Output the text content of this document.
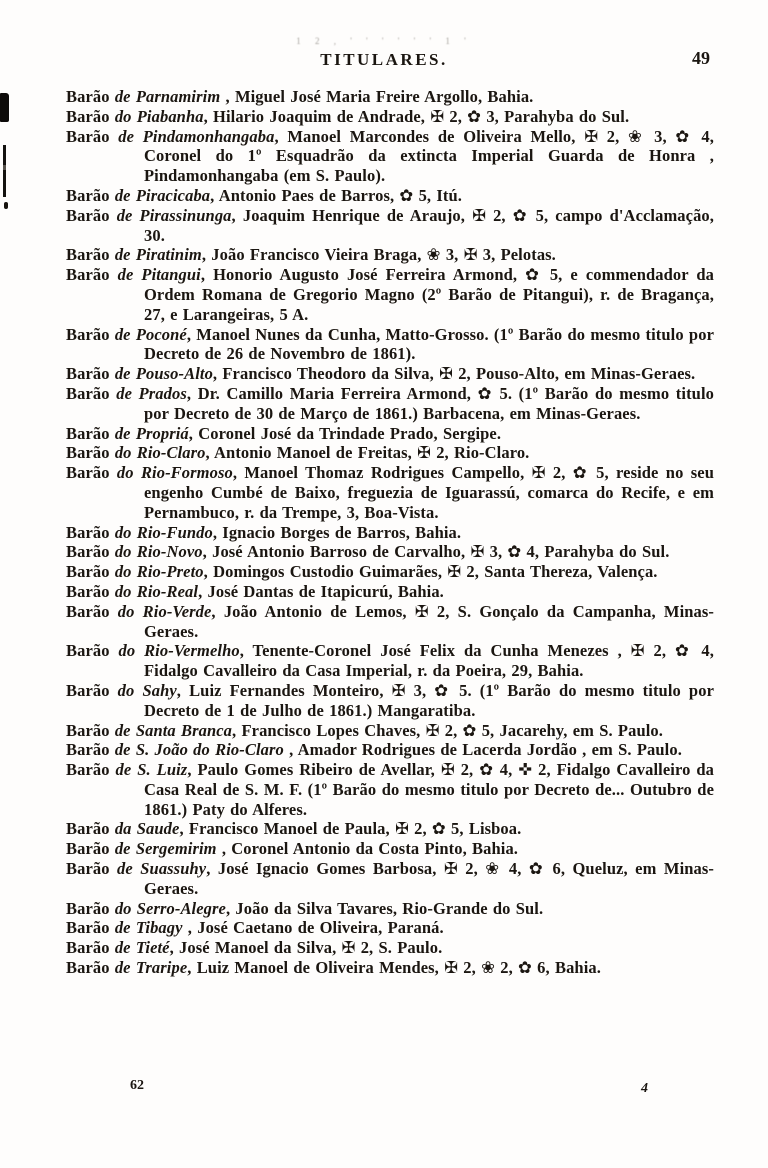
1 2 , ' ' ' ' ' ' 1 '
TITULARES.	49
Barão de Parnamirim , Miguel José Maria Freire Argollo, Bahia.
Barão do Piabanha, Hilario Joaquim de Andrade, ✠ 2, ✿ 3, Parahyba do Sul.
Barão de Pindamonhangaba, Manoel Marcondes de Oliveira Mello, ✠ 2, ❀ 3, ✿ 4, Coronel do 1º Esquadrão da extincta Imperial Guarda de Honra , Pindamonhangaba (em S. Paulo).
Barão de Piracicaba, Antonio Paes de Barros, ✿ 5, Itú.
Barão de Pirassinunga, Joaquim Henrique de Araujo, ✠ 2, ✿ 5, campo d'Acclamação, 30.
Barão de Piratinim, João Francisco Vieira Braga, ❀ 3, ✠ 3, Pelotas.
Barão de Pitangui, Honorio Augusto José Ferreira Armond, ✿ 5, e commendador da Ordem Romana de Gregorio Magno (2º Barão de Pitangui), r. de Bragança, 27, e Larangeiras, 5 A.
Barão de Poconé, Manoel Nunes da Cunha, Matto-Grosso. (1º Barão do mesmo titulo por Decreto de 26 de Novembro de 1861).
Barão de Pouso-Alto, Francisco Theodoro da Silva, ✠ 2, Pouso-Alto, em Minas-Geraes.
Barão de Prados, Dr. Camillo Maria Ferreira Armond, ✿ 5. (1º Barão do mesmo titulo por Decreto de 30 de Março de 1861.) Barbacena, em Minas-Geraes.
Barão de Propriá, Coronel José da Trindade Prado, Sergipe.
Barão do Rio-Claro, Antonio Manoel de Freitas, ✠ 2, Rio-Claro.
Barão do Rio-Formoso, Manoel Thomaz Rodrigues Campello, ✠ 2, ✿ 5, reside no seu engenho Cumbé de Baixo, freguezia de Iguarassú, comarca do Recife, e em Pernambuco, r. da Trempe, 3, Boa-Vista.
Barão do Rio-Fundo, Ignacio Borges de Barros, Bahia.
Barão do Rio-Novo, José Antonio Barroso de Carvalho, ✠ 3, ✿ 4, Parahyba do Sul.
Barão do Rio-Preto, Domingos Custodio Guimarães, ✠ 2, Santa Thereza, Valença.
Barão do Rio-Real, José Dantas de Itapicurú, Bahia.
Barão do Rio-Verde, João Antonio de Lemos, ✠ 2, S. Gonçalo da Campanha, Minas-Geraes.
Barão do Rio-Vermelho, Tenente-Coronel José Felix da Cunha Menezes , ✠ 2, ✿ 4, Fidalgo Cavalleiro da Casa Imperial, r. da Poeira, 29, Bahia.
Barão do Sahy, Luiz Fernandes Monteiro, ✠ 3, ✿ 5. (1º Barão do mesmo titulo por Decreto de 1 de Julho de 1861.) Mangaratiba.
Barão de Santa Branca, Francisco Lopes Chaves, ✠ 2, ✿ 5, Jacarehy, em S. Paulo.
Barão de S. João do Rio-Claro , Amador Rodrigues de Lacerda Jordão , em S. Paulo.
Barão de S. Luiz, Paulo Gomes Ribeiro de Avellar, ✠ 2, ✿ 4, ✜ 2, Fidalgo Cavalleiro da Casa Real de S. M. F. (1º Barão do mesmo titulo por Decreto de... Outubro de 1861.) Paty do Alferes.
Barão da Saude, Francisco Manoel de Paula, ✠ 2, ✿ 5, Lisboa.
Barão de Sergemirim , Coronel Antonio da Costa Pinto, Bahia.
Barão de Suassuhy, José Ignacio Gomes Barbosa, ✠ 2, ❀ 4, ✿ 6, Queluz, em Minas-Geraes.
Barão do Serro-Alegre, João da Silva Tavares, Rio-Grande do Sul.
Barão de Tibagy , José Caetano de Oliveira, Paraná.
Barão de Tieté, José Manoel da Silva, ✠ 2, S. Paulo.
Barão de Traripe, Luiz Manoel de Oliveira Mendes, ✠ 2, ❀ 2, ✿ 6, Bahia.
62	4
